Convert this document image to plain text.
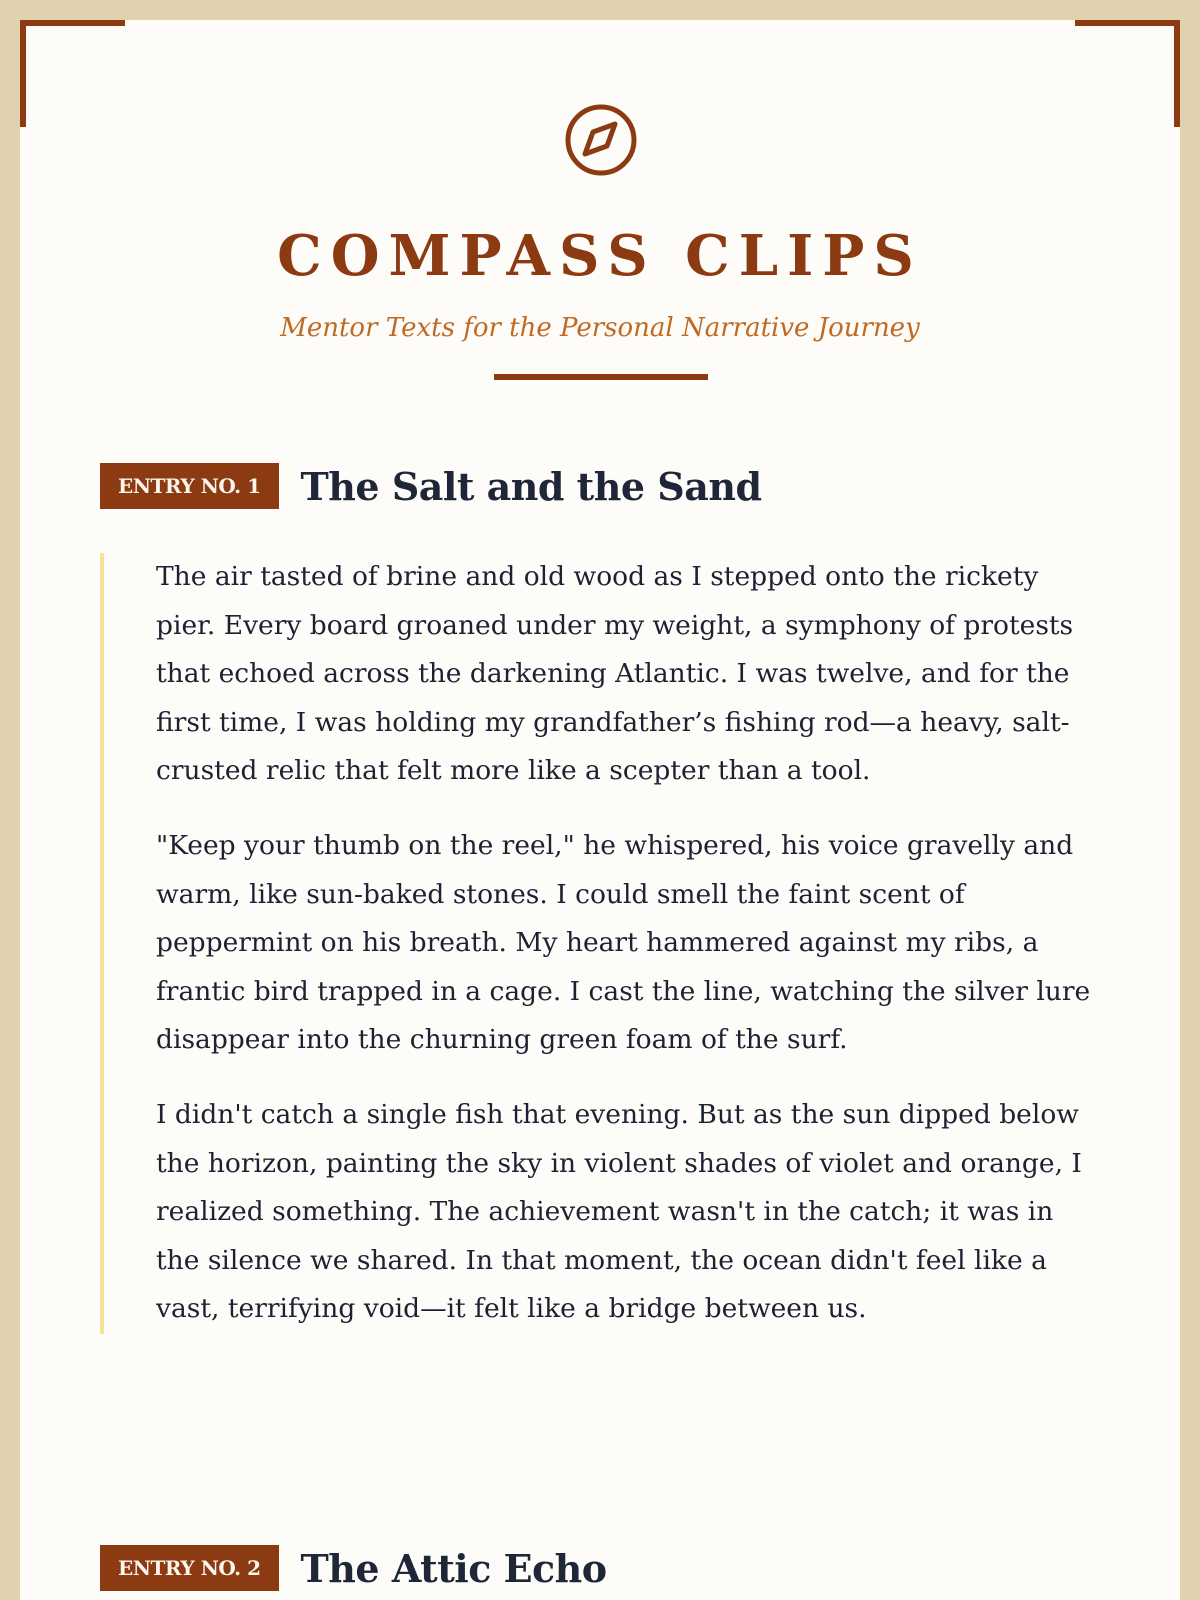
COMPASS CLIPS
Mentor Texts for the Personal Narrative Journey
ENTRY NO. 1	The Salt and the Sand

The air tasted of brine and old wood as I stepped onto the rickety pier. Every board groaned under my weight, a symphony of protests that echoed across the darkening Atlantic. I was twelve, and for the first time, I was holding my grandfather’s fishing rod—a heavy, salt-crusted relic that felt more like a scepter than a tool.

"Keep your thumb on the reel," he whispered, his voice gravelly and warm, like sun-baked stones. I could smell the faint scent of peppermint on his breath. My heart hammered against my ribs, a frantic bird trapped in a cage. I cast the line, watching the silver lure disappear into the churning green foam of the surf.

I didn't catch a single fish that evening. But as the sun dipped below the horizon, painting the sky in violent shades of violet and orange, I realized something. The achievement wasn't in the catch; it was in the silence we shared. In that moment, the ocean didn't feel like a vast, terrifying void—it felt like a bridge between us.

ENTRY NO. 2	The Attic Echo
